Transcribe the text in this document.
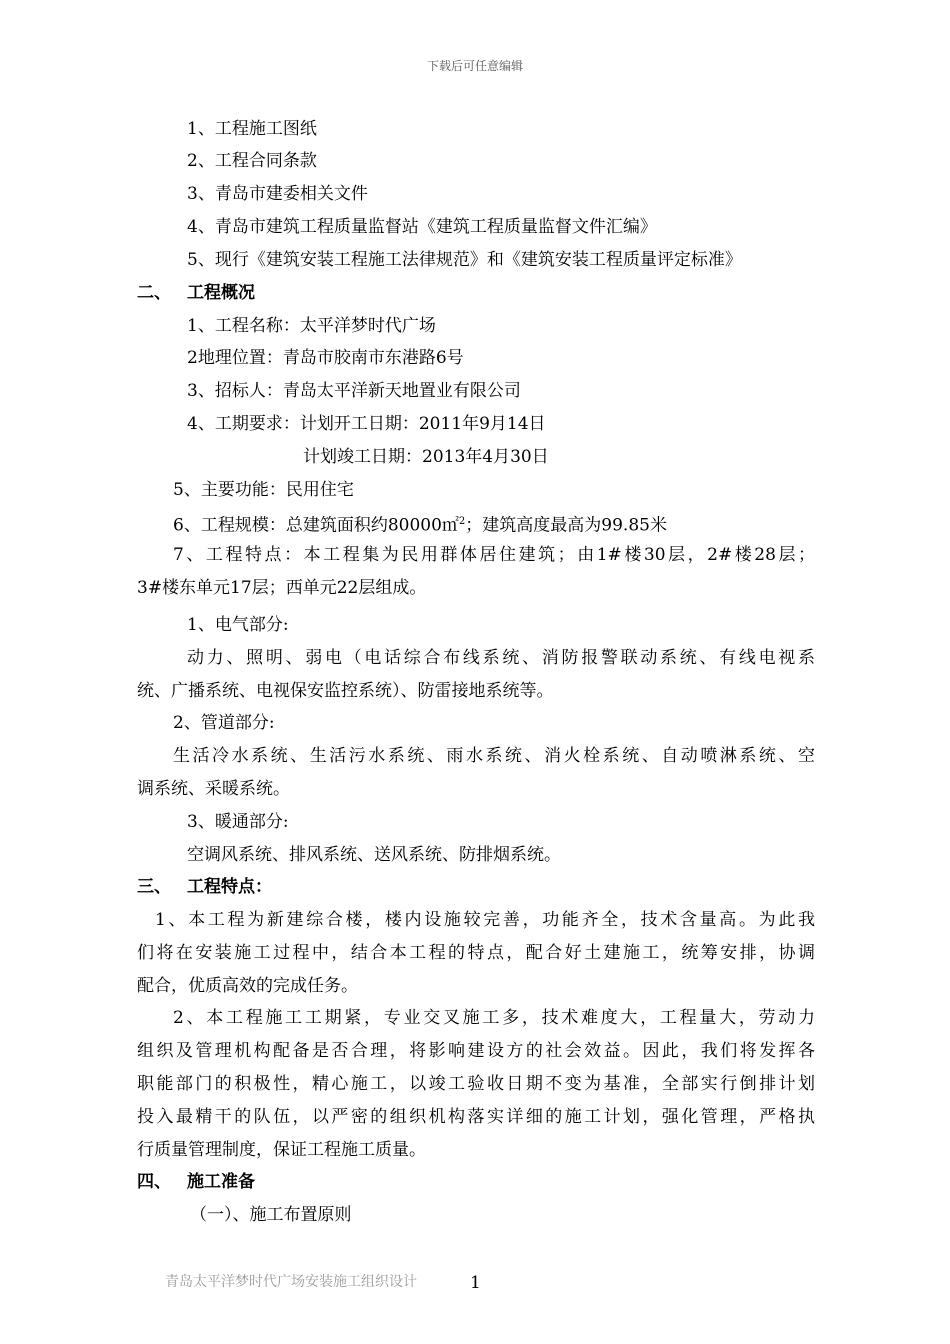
下载后可任意编辑
1、工程施工图纸
2、工程合同条款
3、青岛市建委相关文件
4、青岛市建筑工程质量监督站《建筑工程质量监督文件汇编》
5、现行《建筑安装工程施工法律规范》和《建筑安装工程质量评定标准》
二、 工程概况
1、工程名称：太平洋梦时代广场
2地理位置：青岛市胶南市东港路6号
3、招标人：青岛太平洋新天地置业有限公司
4、工期要求：计划开工日期：2011年9月14日
计划竣工日期：2013年4月30日
5、主要功能：民用住宅
6、工程规模：总建筑面积约80000㎡$^2$；建筑高度最高为99.85米
7、工程特点：本工程集为民用群体居住建筑；由1#楼30层，2#楼28层；
3#楼东单元17层；西单元22层组成。
1、电气部分:
动力、照明、弱电（电话综合布线系统、消防报警联动系统、有线电视系
统、广播系统、电视保安监控系统）、防雷接地系统等。
2、管道部分:
生活冷水系统、生活污水系统、雨水系统、消火栓系统、自动喷淋系统、空
调系统、采暖系统。
3、暖通部分:
空调风系统、排风系统、送风系统、防排烟系统。
三、 工程特点：
1、本工程为新建综合楼，楼内设施较完善，功能齐全，技术含量高。为此我
们将在安装施工过程中，结合本工程的特点，配合好土建施工，统筹安排，协调
配合，优质高效的完成任务。
2、本工程施工工期紧，专业交叉施工多，技术难度大，工程量大，劳动力
组织及管理机构配备是否合理，将影响建设方的社会效益。因此，我们将发挥各
职能部门的积极性，精心施工，以竣工验收日期不变为基准，全部实行倒排计划
投入最精干的队伍，以严密的组织机构落实详细的施工计划，强化管理，严格执
行质量管理制度，保证工程施工质量。
四、 施工准备
（一）、施工布置原则
青岛太平洋梦时代广场安装施工组织设计	1
